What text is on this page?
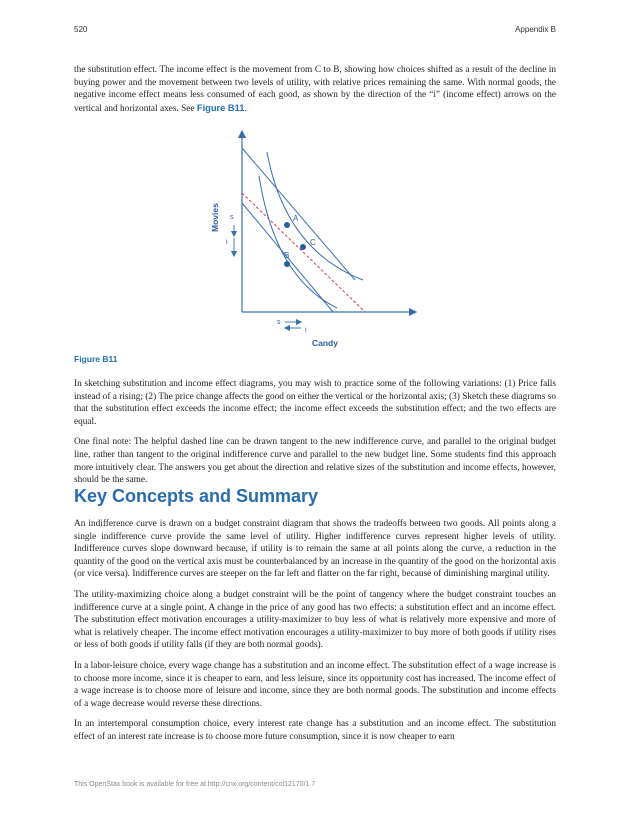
520	Appendix B

the substitution effect. The income effect is the movement from C to B, showing how choices shifted as a result of the decline in buying power and the movement between two levels of utility, with relative prices remaining the same. With normal goods, the negative income effect means less consumed of each good, as shown by the direction of the “i” (income effect) arrows on the vertical and horizontal axes. See Figure B11.

A
C
B
s
i
s
i
Candy
Movies
Figure B11

In sketching substitution and income effect diagrams, you may wish to practice some of the following variations: (1) Price falls instead of a rising; (2) The price change affects the good on either the vertical or the horizontal axis; (3) Sketch these diagrams so that the substitution effect exceeds the income effect; the income effect exceeds the substitution effect; and the two effects are equal.

One final note: The helpful dashed line can be drawn tangent to the new indifference curve, and parallel to the original budget line, rather than tangent to the original indifference curve and parallel to the new budget line. Some students find this approach more intuitively clear. The answers you get about the direction and relative sizes of the substitution and income effects, however, should be the same.

Key Concepts and Summary

An indifference curve is drawn on a budget constraint diagram that shows the tradeoffs between two goods. All points along a single indifference curve provide the same level of utility. Higher indifference curves represent higher levels of utility. Indifference curves slope downward because, if utility is to remain the same at all points along the curve, a reduction in the quantity of the good on the vertical axis must be counterbalanced by an increase in the quantity of the good on the horizontal axis (or vice versa). Indifference curves are steeper on the far left and flatter on the far right, because of diminishing marginal utility.

The utility-maximizing choice along a budget constraint will be the point of tangency where the budget constraint touches an indifference curve at a single point. A change in the price of any good has two effects: a substitution effect and an income effect. The substitution effect motivation encourages a utility-maximizer to buy less of what is relatively more expensive and more of what is relatively cheaper. The income effect motivation encourages a utility-maximizer to buy more of both goods if utility rises or less of both goods if utility falls (if they are both normal goods).

In a labor-leisure choice, every wage change has a substitution and an income effect. The substitution effect of a wage increase is to choose more income, since it is cheaper to earn, and less leisure, since its opportunity cost has increased. The income effect of a wage increase is to choose more of leisure and income, since they are both normal goods. The substitution and income effects of a wage decrease would reverse these directions.

In an intertemporal consumption choice, every interest rate change has a substitution and an income effect. The substitution effect of an interest rate increase is to choose more future consumption, since it is now cheaper to earn

This OpenStax book is available for free at http://cnx.org/content/col12170/1.7
